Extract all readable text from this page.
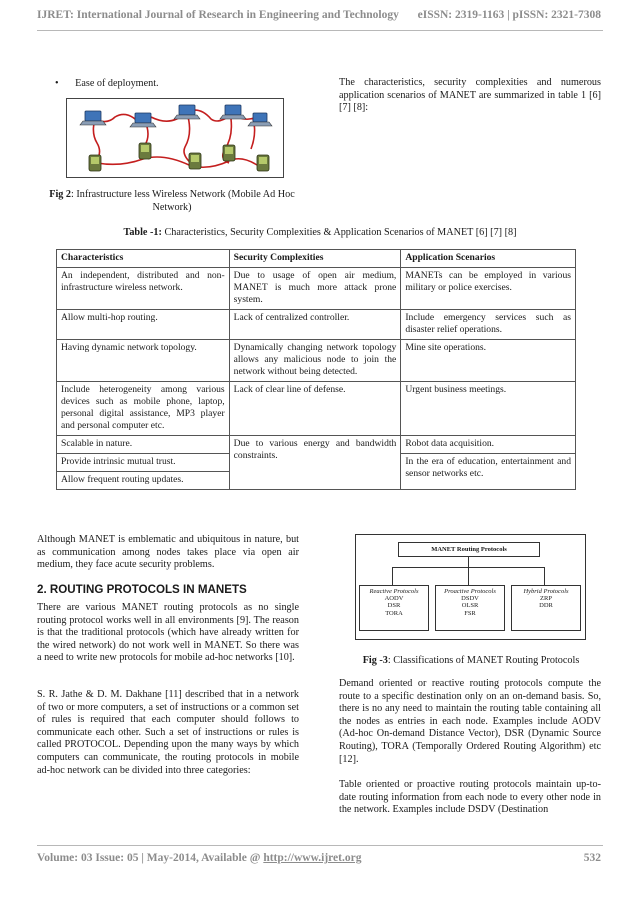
IJRET: International Journal of Research in Engineering and Technology eISSN: 2319-1163 | pISSN: 2321-7308
• Ease of deployment.
Fig 2: Infrastructure less Wireless Network (Mobile Ad Hoc Network)
The characteristics, security complexities and numerous application scenarios of MANET are summarized in table 1 [6] [7] [8]:
Table -1: Characteristics, Security Complexities & Application Scenarios of MANET [6] [7] [8]
Characteristics	Security Complexities	Application Scenarios
An independent, distributed and non-infrastructure wireless network.	Due to usage of open air medium, MANET is much more attack prone system.	MANETs can be employed in various military or police exercises.
Allow multi-hop routing.	Lack of centralized controller.	Include emergency services such as disaster relief operations.
Having dynamic network topology.	Dynamically changing network topology allows any malicious node to join the network without being detected.	Mine site operations.
Include heterogeneity among various devices such as mobile phone, laptop, personal digital assistance, MP3 player and personal computer etc.	Lack of clear line of defense.	Urgent business meetings.
Scalable in nature.	Due to various energy and bandwidth constraints.	Robot data acquisition.
Provide intrinsic mutual trust.		In the era of education, entertainment and sensor networks etc.
Allow frequent routing updates.		
Although MANET is emblematic and ubiquitous in nature, but as communication among nodes takes place via open air medium, they face acute security problems.
2. ROUTING PROTOCOLS IN MANETS
There are various MANET routing protocols as no single routing protocol works well in all environments [9]. The reason is that the traditional protocols (which have already written for the wired network) do not work well in MANET. So there was a need to write new protocols for mobile ad-hoc networks [10].
S. R. Jathe & D. M. Dakhane [11] described that in a network of two or more computers, a set of instructions or a common set of rules is required that each computer should follows to communicate each other. Such a set of instructions or rules is called PROTOCOL. Depending upon the many ways by which computers can communicate, the routing protocols in mobile ad-hoc network can be divided into three categories:
MANET Routing Protocols
Reactive Protocols
AODV
DSR
TORA
Proactive Protocols
DSDV
OLSR
FSR
Hybrid Protocols
ZRP
DDR
Fig -3: Classifications of MANET Routing Protocols
Demand oriented or reactive routing protocols compute the route to a specific destination only on an on-demand basis. So, there is no any need to maintain the routing table containing all the nodes as entries in each node. Examples include AODV (Ad-hoc On-demand Distance Vector), DSR (Dynamic Source Routing), TORA (Temporally Ordered Routing Algorithm) etc [12].
Table oriented or proactive routing protocols maintain up-to-date routing information from each node to every other node in the network. Examples include DSDV (Destination
Volume: 03 Issue: 05 | May-2014, Available @ http://www.ijret.org	532
